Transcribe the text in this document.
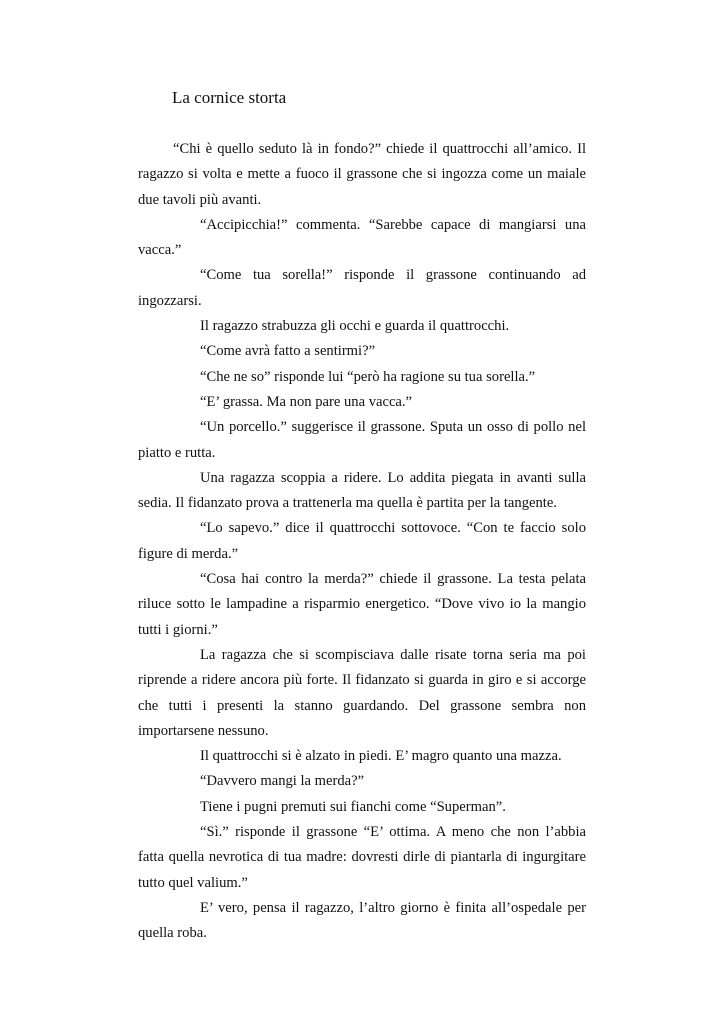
La cornice storta

“Chi è quello seduto là in fondo?” chiede il quattrocchi all’amico. Il ragazzo si volta e mette a fuoco il grassone che si ingozza come un maiale due tavoli più avanti.

“Accipicchia!” commenta. “Sarebbe capace di mangiarsi una vacca.”

“Come tua sorella!” risponde il grassone continuando ad ingozzarsi.

Il ragazzo strabuzza gli occhi e guarda il quattrocchi.

“Come avrà fatto a sentirmi?”

“Che ne so” risponde lui “però ha ragione su tua sorella.”

“E’ grassa. Ma non pare una vacca.”

“Un porcello.” suggerisce il grassone. Sputa un osso di pollo nel piatto e rutta.

Una ragazza scoppia a ridere. Lo addita piegata in avanti sulla sedia. Il fidanzato prova a trattenerla ma quella è partita per la tangente.

“Lo sapevo.” dice il quattrocchi sottovoce. “Con te faccio solo figure di merda.”

“Cosa hai contro la merda?” chiede il grassone. La testa pelata riluce sotto le lampadine a risparmio energetico. “Dove vivo io la mangio tutti i giorni.”

La ragazza che si scompisciava dalle risate torna seria ma poi riprende a ridere ancora più forte. Il fidanzato si guarda in giro e si accorge che tutti i presenti la stanno guardando. Del grassone sembra non importarsene nessuno.

Il quattrocchi si è alzato in piedi. E’ magro quanto una mazza.

“Davvero mangi la merda?”

Tiene i pugni premuti sui fianchi come “Superman”.

“Sì.” risponde il grassone “E’ ottima. A meno che non l’abbia fatta quella nevrotica di tua madre: dovresti dirle di piantarla di ingurgitare tutto quel valium.”

E’ vero, pensa il ragazzo, l’altro giorno è finita all’ospedale per quella roba.
